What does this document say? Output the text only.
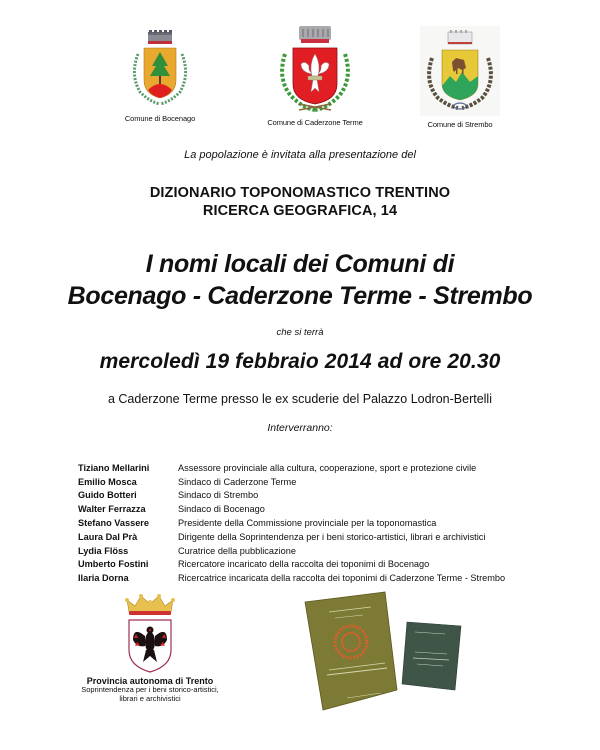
Comune di Bocenago	Comune di Caderzone Terme	Comune di Strembo
La popolazione è invitata alla presentazione del
DIZIONARIO TOPONOMASTICO TRENTINO
RICERCA GEOGRAFICA, 14
I nomi locali dei Comuni di
Bocenago - Caderzone Terme - Strembo
che si terrà
mercoledì 19 febbraio 2014 ad ore 20.30
a Caderzone Terme presso le ex scuderie del Palazzo Lodron-Bertelli
Interverranno:
Tiziano Mellarini	Assessore provinciale alla cultura, cooperazione, sport e protezione civile
Emilio Mosca	Sindaco di Caderzone Terme
Guido Botteri	Sindaco di Strembo
Walter Ferrazza	Sindaco di Bocenago
Stefano Vassere	Presidente della Commissione provinciale per la toponomastica
Laura Dal Prà	Dirigente della Soprintendenza per i beni storico-artistici, librari e archivistici
Lydia Flöss	Curatrice della pubblicazione
Umberto Fostini	Ricercatore incaricato della raccolta dei toponimi di Bocenago
Ilaria Dorna	Ricercatrice incaricata della raccolta dei toponimi di Caderzone Terme - Strembo
Provincia autonoma di Trento
Soprintendenza per i beni storico-artistici,
librari e archivistici
